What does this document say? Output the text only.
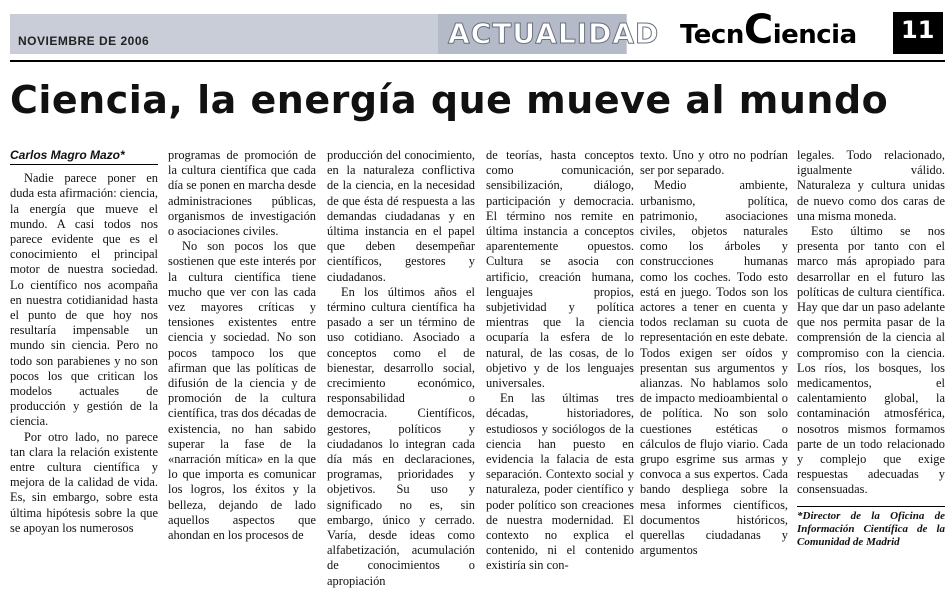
NOVIEMBRE DE 2006	ACTUALIDAD TecnCiencia 11
Ciencia, la energía que mueve al mundo
Carlos Magro Mazo*

Nadie parece poner en duda esta afirmación: ciencia, la energía que mueve el mundo. A casi todos nos parece evidente que es el conocimiento el principal motor de nuestra sociedad. Lo científico nos acompaña en nuestra cotidianidad hasta el punto de que hoy nos resultaría impensable un mundo sin ciencia. Pero no todo son parabienes y no son pocos los que critican los modelos actuales de producción y gestión de la ciencia.

Por otro lado, no parece tan clara la relación existente entre cultura científica y mejora de la calidad de vida. Es, sin embargo, sobre esta última hipótesis sobre la que se apoyan los numerosos

programas de promoción de la cultura científica que cada día se ponen en marcha desde administraciones públicas, organismos de investigación o asociaciones civiles.

No son pocos los que sostienen que este interés por la cultura científica tiene mucho que ver con las cada vez mayores críticas y tensiones existentes entre ciencia y sociedad. No son pocos tampoco los que afirman que las políticas de difusión de la ciencia y de promoción de la cultura científica, tras dos décadas de existencia, no han sabido superar la fase de la «narración mítica» en la que lo que importa es comunicar los logros, los éxitos y la belleza, dejando de lado aquellos aspectos que ahondan en los procesos de

producción del conocimiento, en la naturaleza conflictiva de la ciencia, en la necesidad de que ésta dé respuesta a las demandas ciudadanas y en última instancia en el papel que deben desempeñar científicos, gestores y ciudadanos.

En los últimos años el término cultura científica ha pasado a ser un término de uso cotidiano. Asociado a conceptos como el de bienestar, desarrollo social, crecimiento económico, responsabilidad o democracia. Científicos, gestores, políticos y ciudadanos lo integran cada día más en declaraciones, programas, prioridades y objetivos. Su uso y significado no es, sin embargo, único y cerrado. Varía, desde ideas como alfabetización, acumulación de conocimientos o apropiación

de teorías, hasta conceptos como comunicación, sensibilización, diálogo, participación y democracia. El término nos remite en última instancia a conceptos aparentemente opuestos. Cultura se asocia con artificio, creación humana, lenguajes propios, subjetividad y política mientras que la ciencia ocuparía la esfera de lo natural, de las cosas, de lo objetivo y de los lenguajes universales.

En las últimas tres décadas, historiadores, estudiosos y sociólogos de la ciencia han puesto en evidencia la falacia de esta separación. Contexto social y naturaleza, poder científico y poder político son creaciones de nuestra modernidad. El contexto no explica el contenido, ni el contenido existiría sin con-

texto. Uno y otro no podrían ser por separado.

Medio ambiente, urbanismo, política, patrimonio, asociaciones civiles, objetos naturales como los árboles y construcciones humanas como los coches. Todo esto está en juego. Todos son los actores a tener en cuenta y todos reclaman su cuota de representación en este debate. Todos exigen ser oídos y presentan sus argumentos y alianzas. No hablamos solo de impacto medioambiental o de política. No son solo cuestiones estéticas o cálculos de flujo viario. Cada grupo esgrime sus armas y convoca a sus expertos. Cada bando despliega sobre la mesa informes científicos, documentos históricos, querellas ciudadanas y argumentos

legales. Todo relacionado, igualmente válido. Naturaleza y cultura unidas de nuevo como dos caras de una misma moneda.

Esto último se nos presenta por tanto con el marco más apropiado para desarrollar en el futuro las políticas de cultura científica. Hay que dar un paso adelante que nos permita pasar de la comprensión de la ciencia al compromiso con la ciencia. Los ríos, los bosques, los medicamentos, el calentamiento global, la contaminación atmosférica, nosotros mismos formamos parte de un todo relacionado y complejo que exige respuestas adecuadas y consensuadas.

*Director de la Oficina de Información Científica de la Comunidad de Madrid
